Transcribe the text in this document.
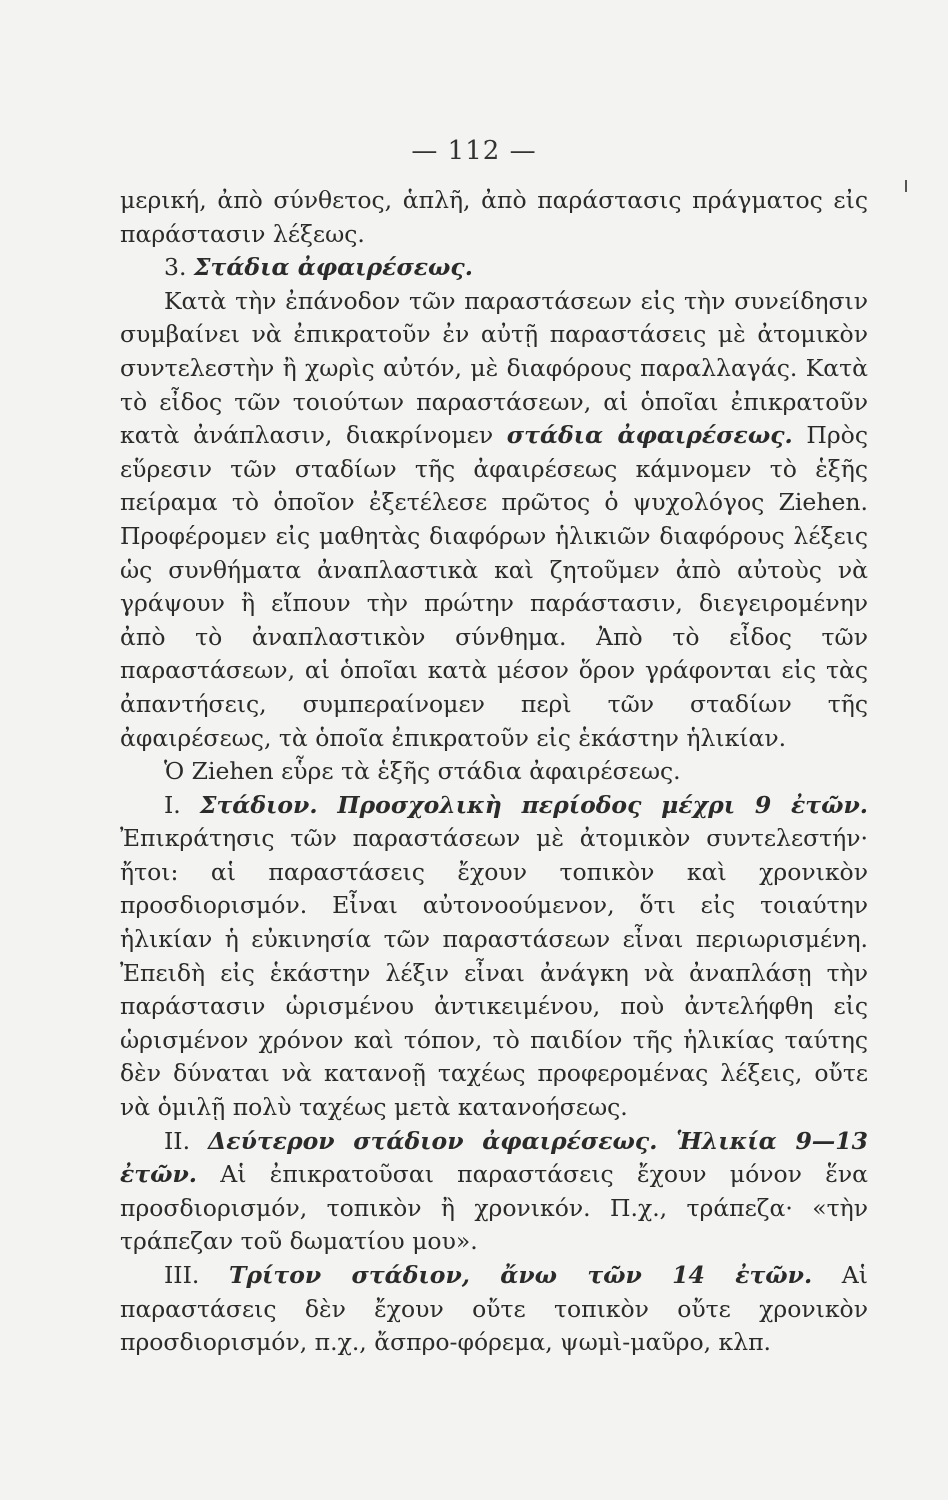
— 112 —

μερική, ἀπὸ σύνθετος, ἁπλῆ, ἀπὸ παράστασις πράγματος εἰς παράστασιν λέξεως.

3. Στάδια ἀφαιρέσεως.

Κατὰ τὴν ἐπάνοδον τῶν παραστάσεων εἰς τὴν συνείδησιν συμβαίνει νὰ ἐπικρατοῦν ἐν αὐτῇ παραστάσεις μὲ ἀτομικὸν συντελεστὴν ἢ χωρὶς αὐτόν, μὲ διαφόρους παραλλαγάς. Κατὰ τὸ εἶδος τῶν τοιούτων παραστάσεων, αἱ ὁποῖαι ἐπικρατοῦν κατὰ ἀνάπλασιν, διακρίνομεν στάδια ἀφαιρέσεως. Πρὸς εὕρεσιν τῶν σταδίων τῆς ἀφαιρέσεως κάμνομεν τὸ ἑξῆς πείραμα τὸ ὁποῖον ἐξετέλεσε πρῶτος ὁ ψυχολόγος Ziehen. Προφέρομεν εἰς μαθητὰς διαφόρων ἡλικιῶν διαφόρους λέξεις ὡς συνθήματα ἀναπλαστικὰ καὶ ζητοῦμεν ἀπὸ αὐτοὺς νὰ γράψουν ἢ εἴπουν τὴν πρώτην παράστασιν, διεγειρομένην ἀπὸ τὸ ἀναπλαστικὸν σύνθημα. Ἀπὸ τὸ εἶδος τῶν παραστάσεων, αἱ ὁποῖαι κατὰ μέσον ὅρον γράφονται εἰς τὰς ἀπαντήσεις, συμπεραίνομεν περὶ τῶν σταδίων τῆς ἀφαιρέσεως, τὰ ὁποῖα ἐπικρατοῦν εἰς ἑκάστην ἡλικίαν.

Ὁ Ziehen εὗρε τὰ ἑξῆς στάδια ἀφαιρέσεως.

I. Στάδιον. Προσχολικὴ περίοδος μέχρι 9 ἐτῶν. Ἐπικράτησις τῶν παραστάσεων μὲ ἀτομικὸν συντελεστήν· ἤτοι: αἱ παραστάσεις ἔχουν τοπικὸν καὶ χρονικὸν προσδιορισμόν. Εἶναι αὐτονοούμενον, ὅτι εἰς τοιαύτην ἡλικίαν ἡ εὐκινησία τῶν παραστάσεων εἶναι περιωρισμένη. Ἐπειδὴ εἰς ἑκάστην λέξιν εἶναι ἀνάγκη νὰ ἀναπλάσῃ τὴν παράστασιν ὡρισμένου ἀντικειμένου, ποὺ ἀντελήφθη εἰς ὡρισμένον χρόνον καὶ τόπον, τὸ παιδίον τῆς ἡλικίας ταύτης δὲν δύναται νὰ κατανοῇ ταχέως προφερομένας λέξεις, οὔτε νὰ ὁμιλῇ πολὺ ταχέως μετὰ κατανοήσεως.

II. Δεύτερον στάδιον ἀφαιρέσεως. Ἡλικία 9—13 ἐτῶν. Αἱ ἐπικρατοῦσαι παραστάσεις ἔχουν μόνον ἕνα προσδιορισμόν, τοπικὸν ἢ χρονικόν. Π.χ., τράπεζα· «τὴν τράπεζαν τοῦ δωματίου μου».

III. Τρίτον στάδιον, ἄνω τῶν 14 ἐτῶν. Αἱ παραστάσεις δὲν ἔχουν οὔτε τοπικὸν οὔτε χρονικὸν προσδιορισμόν, π.χ., ἄσπρο-φόρεμα, ψωμὶ-μαῦρο, κλπ.
